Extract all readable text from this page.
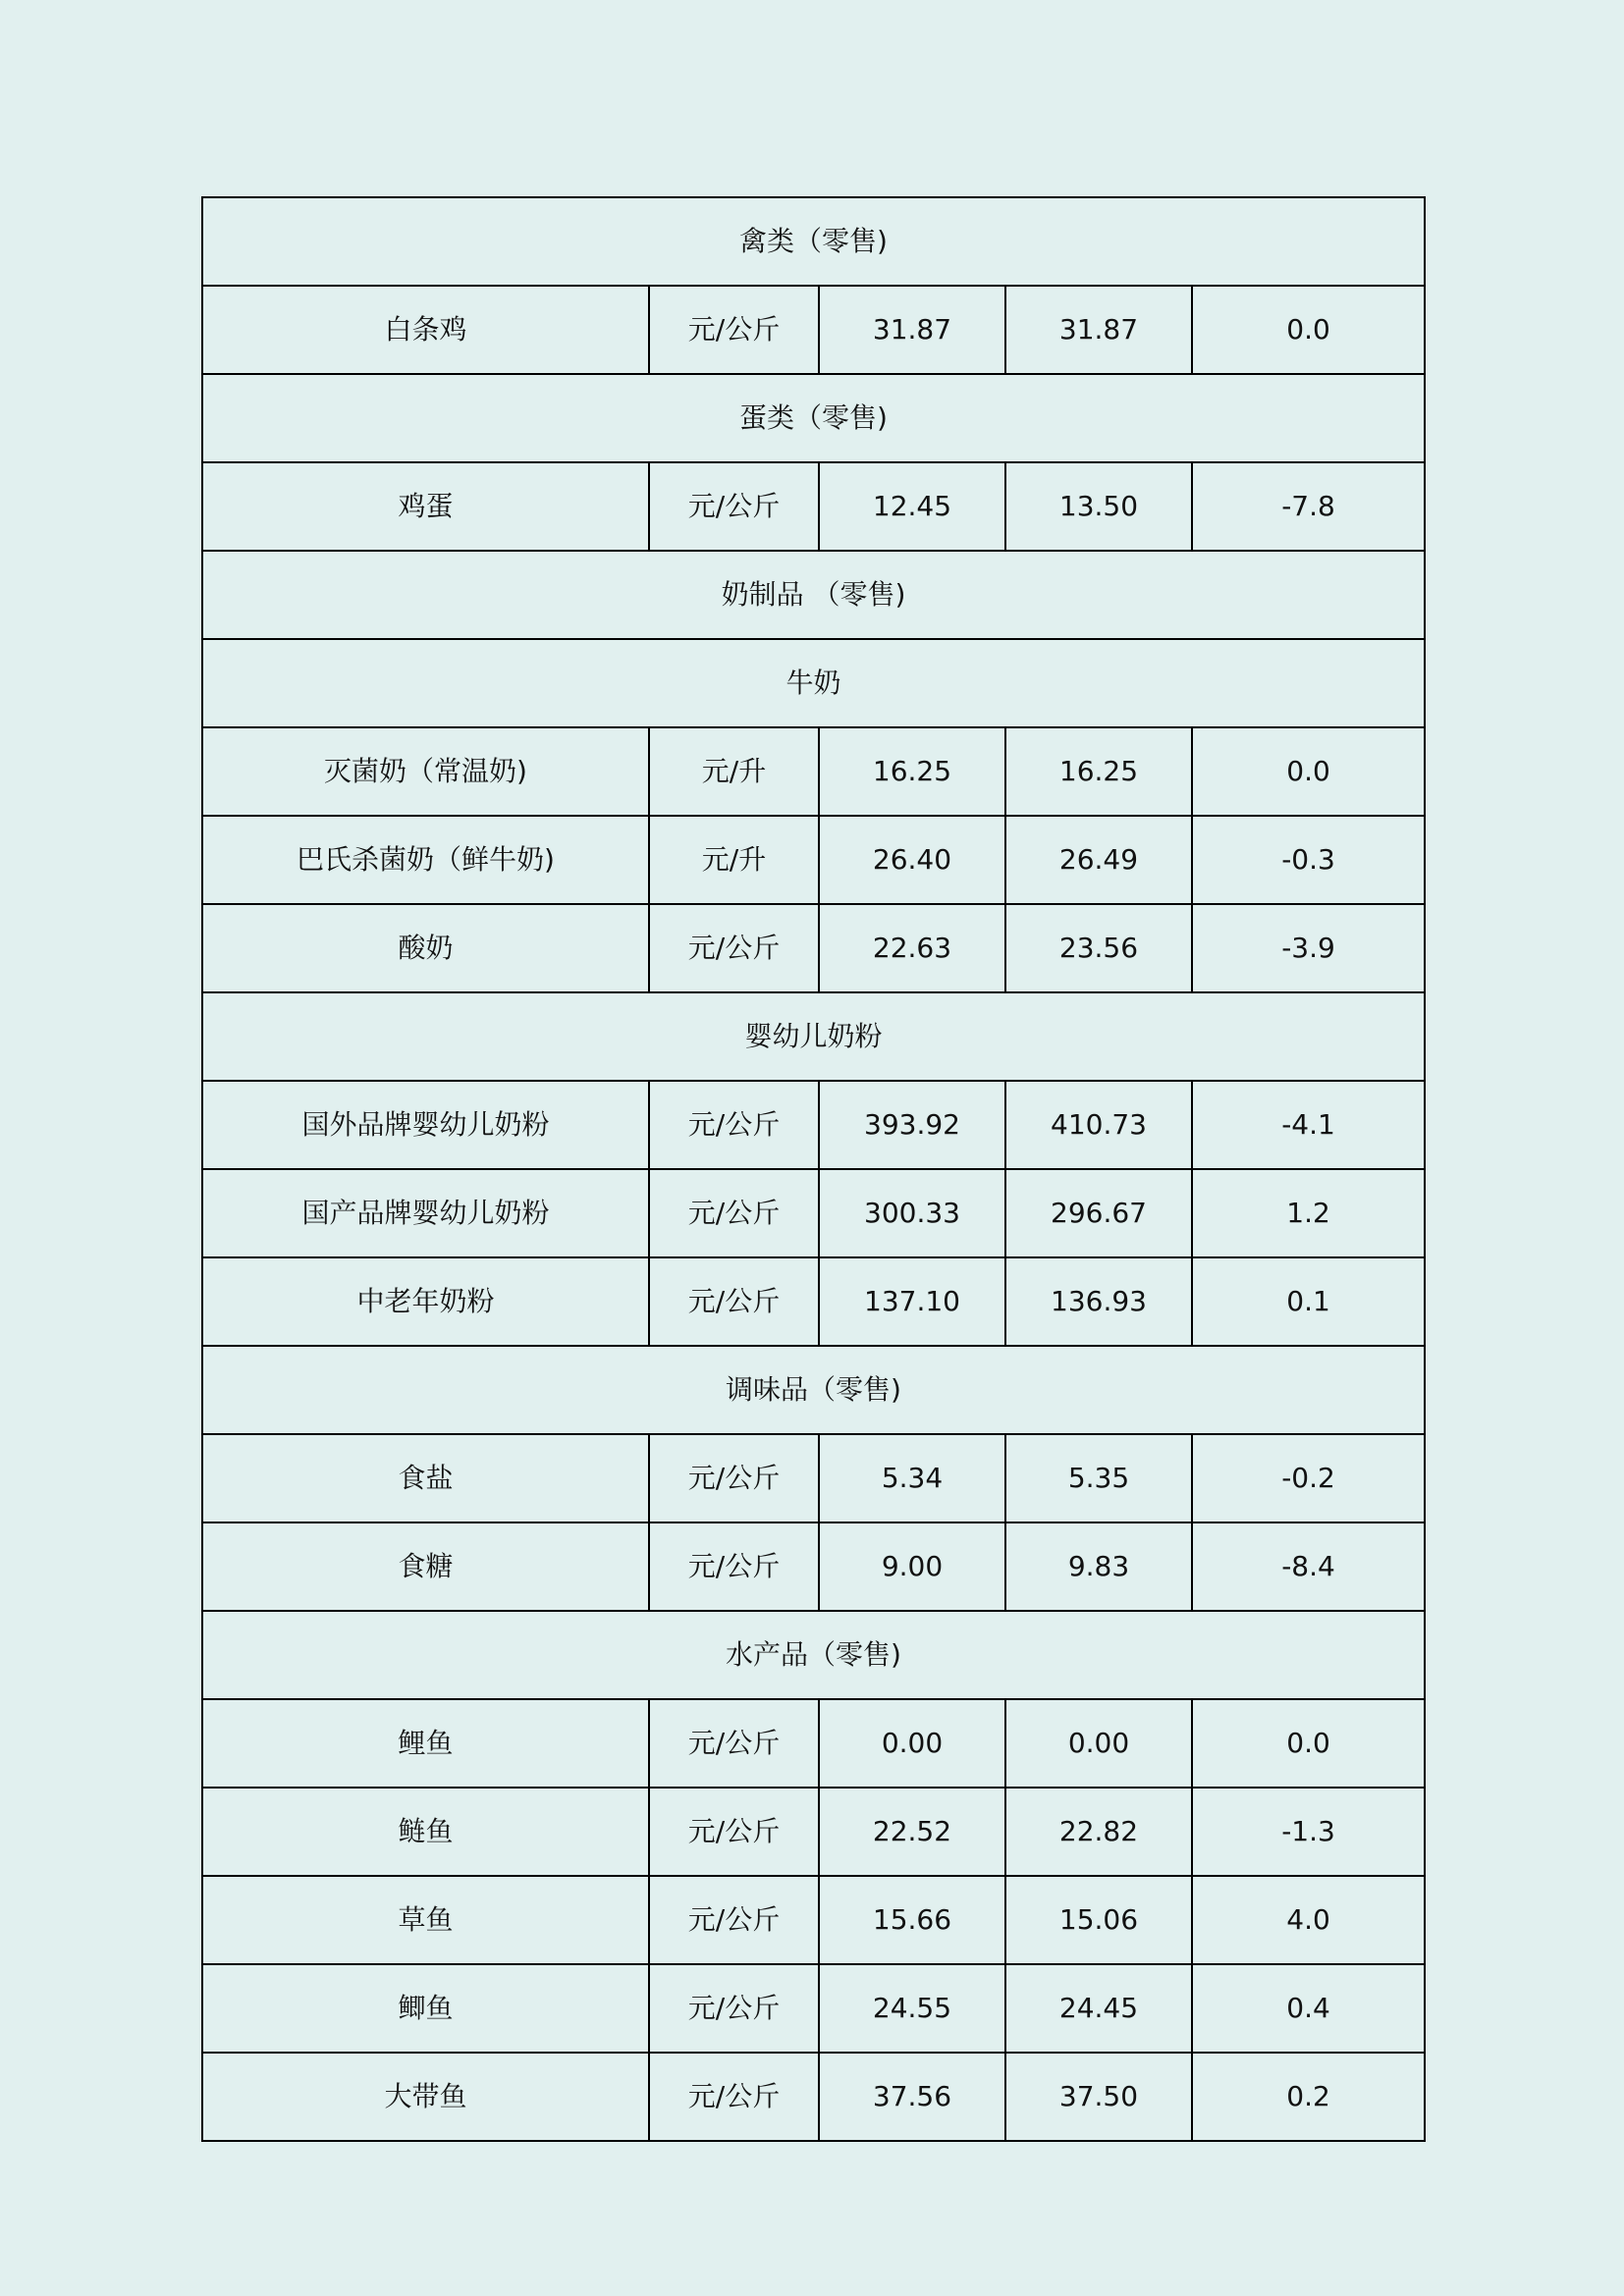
禽类（零售)				
白条鸡	元/公斤	31.87	31.87	0.0
蛋类（零售)				
鸡蛋	元/公斤	12.45	13.50	-7.8
奶制品 （零售)				
牛奶				
灭菌奶（常温奶)	元/升	16.25	16.25	0.0
巴氏杀菌奶（鲜牛奶)	元/升	26.40	26.49	-0.3
酸奶	元/公斤	22.63	23.56	-3.9
婴幼儿奶粉				
国外品牌婴幼儿奶粉	元/公斤	393.92	410.73	-4.1
国产品牌婴幼儿奶粉	元/公斤	300.33	296.67	1.2
中老年奶粉	元/公斤	137.10	136.93	0.1
调味品（零售)				
食盐	元/公斤	5.34	5.35	-0.2
食糖	元/公斤	9.00	9.83	-8.4
水产品（零售)				
鲤鱼	元/公斤	0.00	0.00	0.0
鲢鱼	元/公斤	22.52	22.82	-1.3
草鱼	元/公斤	15.66	15.06	4.0
鲫鱼	元/公斤	24.55	24.45	0.4
大带鱼	元/公斤	37.56	37.50	0.2
